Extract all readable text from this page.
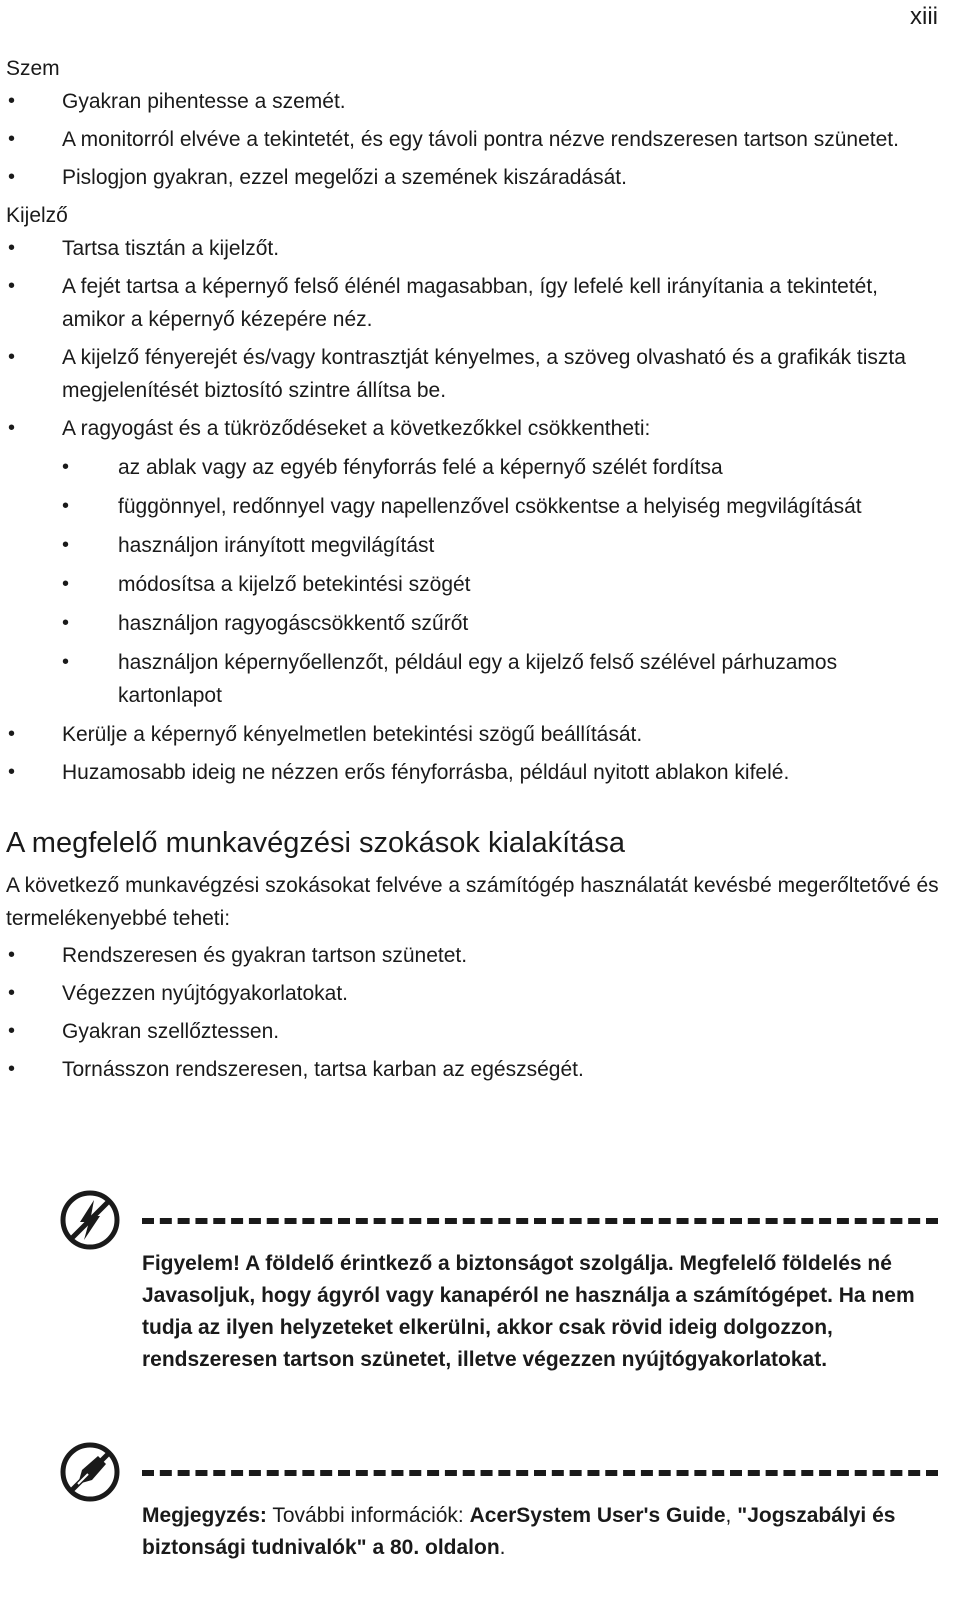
xiii

Szem

• Gyakran pihentesse a szemét.
• A monitorról elvéve a tekintetét, és egy távoli pontra nézve rendszeresen tartson szünetet.
• Pislogjon gyakran, ezzel megelőzi a szemének kiszáradását.

Kijelző

• Tartsa tisztán a kijelzőt.
• A fejét tartsa a képernyő felső élénél magasabban, így lefelé kell irányítania a tekintetét, amikor a képernyő kézepére néz.
• A kijelző fényerejét és/vagy kontrasztját kényelmes, a szöveg olvasható és a grafikák tiszta megjelenítését biztosító szintre állítsa be.
• A ragyogást és a tükröződéseket a következőkkel csökkentheti:
• az ablak vagy az egyéb fényforrás felé a képernyő szélét fordítsa
• függönnyel, redőnnyel vagy napellenzővel csökkentse a helyiség megvilágítását
• használjon irányított megvilágítást
• módosítsa a kijelző betekintési szögét
• használjon ragyogáscsökkentő szűrőt
• használjon képernyőellenzőt, például egy a kijelző felső szélével párhuzamos kartonlapot
• Kerülje a képernyő kényelmetlen betekintési szögű beállítását.
• Huzamosabb ideig ne nézzen erős fényforrásba, például nyitott ablakon kifelé.
A megfelelő munkavégzési szokások kialakítása

A következő munkavégzési szokásokat felvéve a számítógép használatát kevésbé megerőltetővé és termelékenyebbé teheti:

• Rendszeresen és gyakran tartson szünetet.
• Végezzen nyújtógyakorlatokat.
• Gyakran szellőztessen.
• Tornásszon rendszeresen, tartsa karban az egészségét.
Figyelem! A földelő érintkező a biztonságot szolgálja. Megfelelő földelés né Javasoljuk, hogy ágyról vagy kanapéról ne használja a számítógépet. Ha nem tudja az ilyen helyzeteket elkerülni, akkor csak rövid ideig dolgozzon, rendszeresen tartson szünetet, illetve végezzen nyújtógyakorlatokat.
Megjegyzés: További információk: AcerSystem User's Guide, "Jogszabályi és biztonsági tudnivalók" a 80. oldalon.
